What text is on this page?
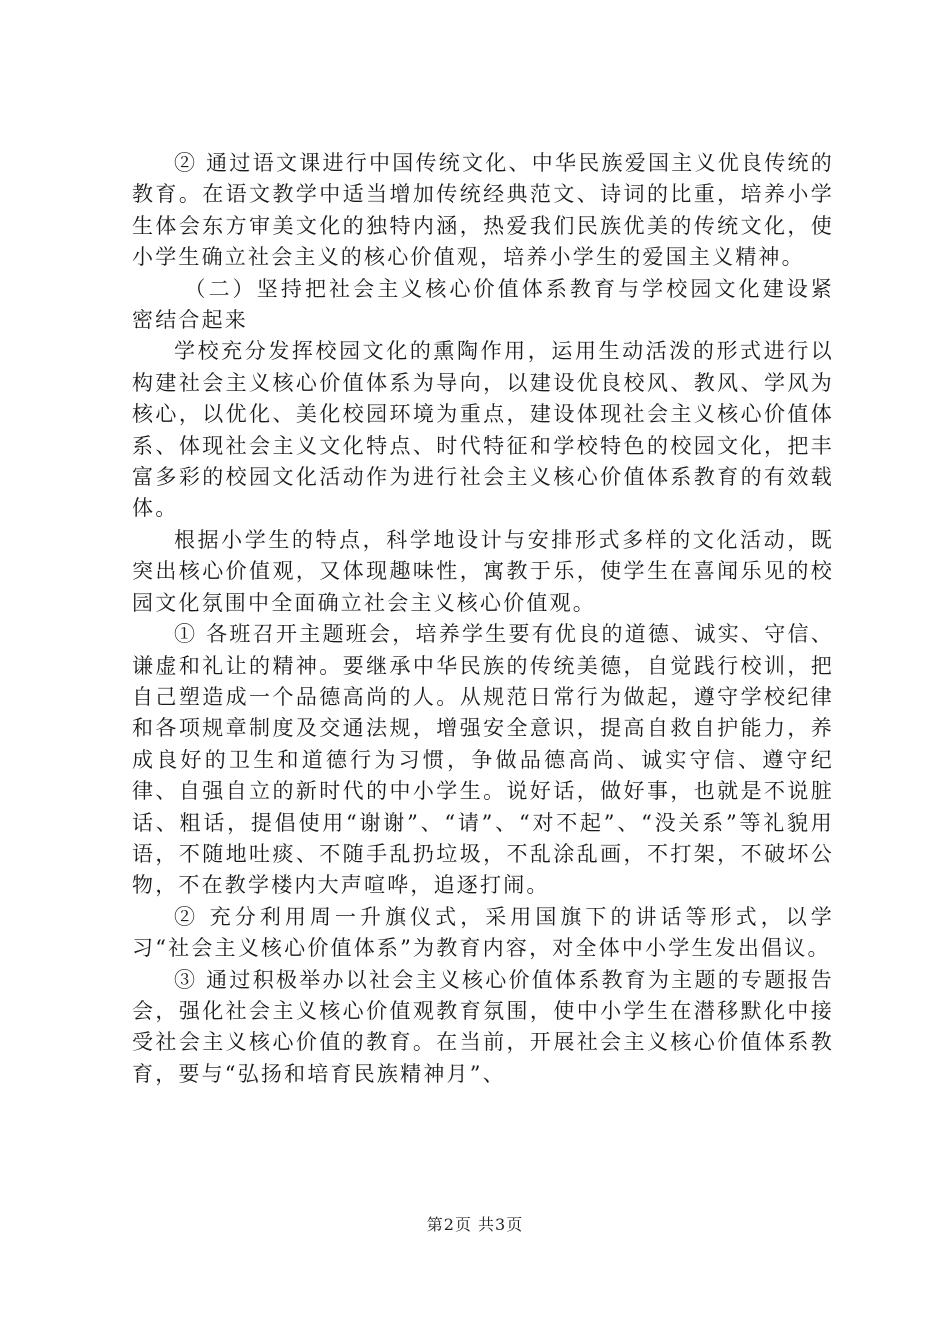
② 通过语文课进行中国传统文化、中华民族爱国主义优良传统的教育。在语文教学中适当增加传统经典范文、诗词的比重，培养小学生体会东方审美文化的独特内涵，热爱我们民族优美的传统文化，使小学生确立社会主义的核心价值观，培养小学生的爱国主义精神。

（二）坚持把社会主义核心价值体系教育与学校园文化建设紧密结合起来

学校充分发挥校园文化的熏陶作用，运用生动活泼的形式进行以构建社会主义核心价值体系为导向，以建设优良校风、教风、学风为核心，以优化、美化校园环境为重点，建设体现社会主义核心价值体系、体现社会主义文化特点、时代特征和学校特色的校园文化，把丰富多彩的校园文化活动作为进行社会主义核心价值体系教育的有效载体。

根据小学生的特点，科学地设计与安排形式多样的文化活动，既突出核心价值观，又体现趣味性，寓教于乐，使学生在喜闻乐见的校园文化氛围中全面确立社会主义核心价值观。

① 各班召开主题班会，培养学生要有优良的道德、诚实、守信、谦虚和礼让的精神。要继承中华民族的传统美德，自觉践行校训，把自己塑造成一个品德高尚的人。从规范日常行为做起，遵守学校纪律和各项规章制度及交通法规，增强安全意识，提高自救自护能力，养成良好的卫生和道德行为习惯，争做品德高尚、诚实守信、遵守纪律、自强自立的新时代的中小学生。说好话，做好事，也就是不说脏话、粗话，提倡使用“谢谢”、“请”、“对不起”、“没关系”等礼貌用语，不随地吐痰、不随手乱扔垃圾，不乱涂乱画，不打架，不破坏公物，不在教学楼内大声喧哗，追逐打闹。

② 充分利用周一升旗仪式，采用国旗下的讲话等形式，以学习“社会主义核心价值体系”为教育内容，对全体中小学生发出倡议。

③ 通过积极举办以社会主义核心价值体系教育为主题的专题报告会，强化社会主义核心价值观教育氛围，使中小学生在潜移默化中接受社会主义核心价值的教育。在当前，开展社会主义核心价值体系教育，要与“弘扬和培育民族精神月”、

第2页 共3页
